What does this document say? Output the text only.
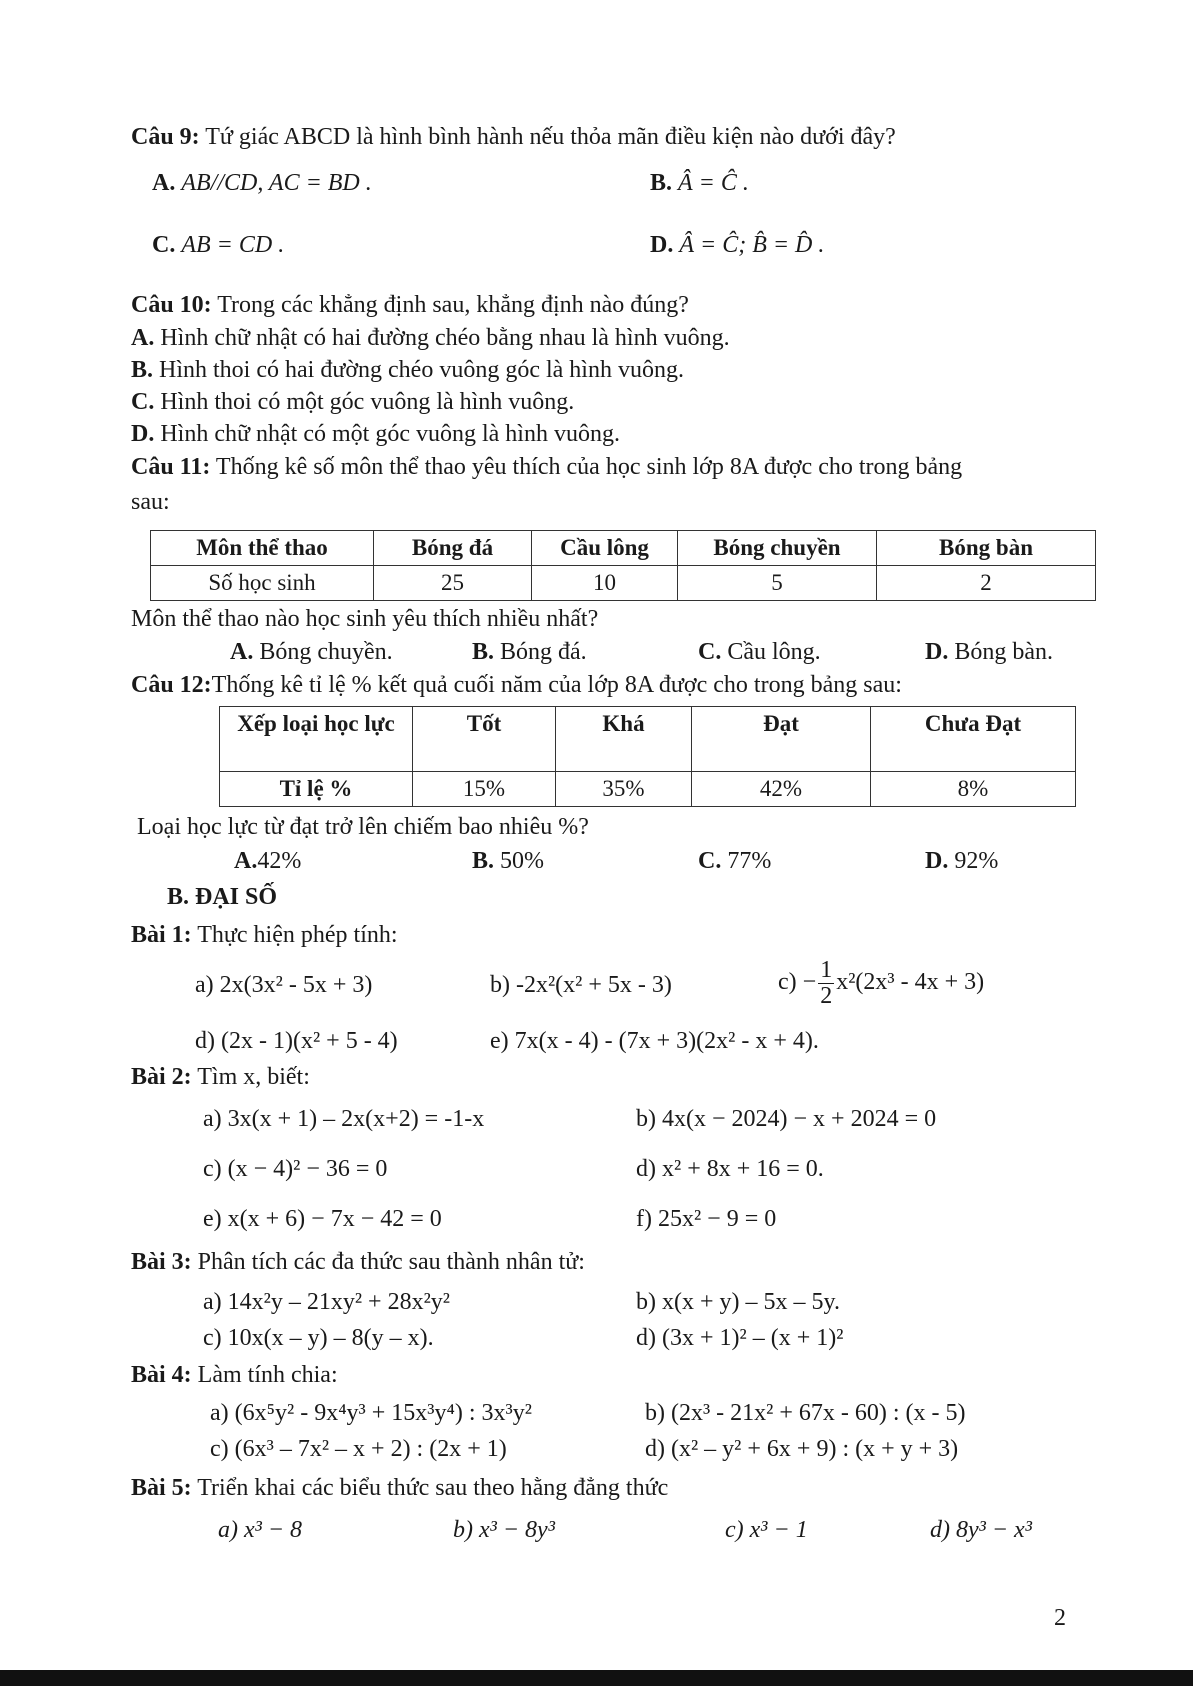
Câu 9: Tứ giác ABCD là hình bình hành nếu thỏa mãn điều kiện nào dưới đây?
A. AB//CD, AC = BD .	B. Â = Ĉ .
C. AB = CD .	D. Â = Ĉ; B̂ = D̂ .
Câu 10: Trong các khẳng định sau, khẳng định nào đúng?
A. Hình chữ nhật có hai đường chéo bằng nhau là hình vuông.
B. Hình thoi có hai đường chéo vuông góc là hình vuông.
C. Hình thoi có một góc vuông là hình vuông.
D. Hình chữ nhật có một góc vuông là hình vuông.
Câu 11: Thống kê số môn thể thao yêu thích của học sinh lớp 8A được cho trong bảng
sau:
Môn thể thao	Bóng đá	Cầu lông	Bóng chuyền	Bóng bàn
Số học sinh	25	10	5	2
Môn thể thao nào học sinh yêu thích nhiều nhất?
A. Bóng chuyền.	B. Bóng đá.	C. Cầu lông.	D. Bóng bàn.
Câu 12:Thống kê tỉ lệ % kết quả cuối năm của lớp 8A được cho trong bảng sau:
Xếp loại học lực	Tốt	Khá	Đạt	Chưa Đạt
Tỉ lệ %	15%	35%	42%	8%
Loại học lực từ đạt trở lên chiếm bao nhiêu %?
A.42%	B. 50%	C. 77%	D. 92%
B. ĐẠI SỐ
Bài 1: Thực hiện phép tính:
a) 2x(3x² - 5x + 3)	b) -2x²(x² + 5x - 3)	$c) - \frac{1}{2} x^2(2x^3 - 4x + 3)$
d) (2x - 1)(x² + 5 - 4)	e) 7x(x - 4) - (7x + 3)(2x² - x + 4).
Bài 2: Tìm x, biết:
a) 3x(x + 1) – 2x(x+2) = -1-x	b) 4x(x − 2024) − x + 2024 = 0
c) (x − 4)² − 36 = 0	d) x² + 8x + 16 = 0.
e) x(x + 6) − 7x − 42 = 0	f) 25x² − 9 = 0
Bài 3: Phân tích các đa thức sau thành nhân tử:
a) 14x²y – 21xy² + 28x²y²	b) x(x + y) – 5x – 5y.
c) 10x(x – y) – 8(y – x).	d) (3x + 1)² – (x + 1)²
Bài 4: Làm tính chia:
a) (6x⁵y² - 9x⁴y³ + 15x³y⁴) : 3x³y²	b) (2x³ - 21x² + 67x - 60) : (x - 5)
c) (6x³ – 7x² – x + 2) : (2x + 1)	d) (x² – y² + 6x + 9) : (x + y + 3)
Bài 5: Triển khai các biểu thức sau theo hằng đẳng thức
a) x³ − 8	b) x³ − 8y³	c) x³ − 1	d) 8y³ − x³
2
